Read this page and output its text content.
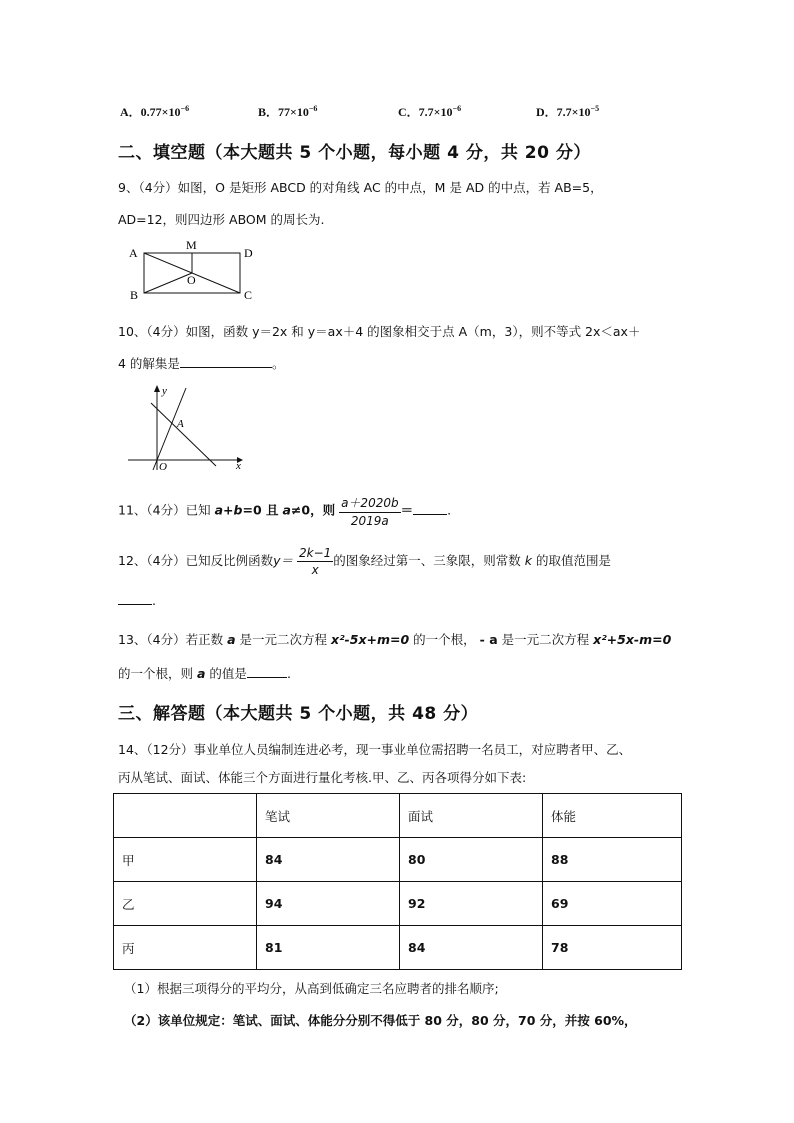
A．$0.77\times 10^{-6}$	B．$77\times 10^{-6}$	C．$7.7\times 10^{-6}$	D．$7.7\times 10^{-5}$
二、填空题（本大题共 5 个小题，每小题 4 分，共 20 分）
9、（4分）如图，O 是矩形 ABCD 的对角线 AC 的中点，M 是 AD 的中点，若 AB=5，
AD=12，则四边形 ABOM 的周长为.
A
M
D
O
B	C
10、（4分）如图，函数 y＝2x 和 y＝ax＋4 的图象相交于点 A（m，3），则不等式 2x＜ax＋
4 的解集是	。
y
x
O
A
11、（4分）已知 a+b=0 且 a≠0，则 $\frac{a+2020b}{2019a}$ ＝	.
12、（4分）已知反比例函数$y= \frac{2k-1}{x}$ 的图象经过第一、三象限，则常数 k 的取值范围是
.
13、（4分）若正数 a 是一元二次方程 x²-5x+m=0 的一个根， - a 是一元二次方程 x²+5x-m=0
的一个根，则 a 的值是	.
三、解答题（本大题共 5 个小题，共 48 分）
14、（12分）事业单位人员编制连进必考，现一事业单位需招聘一名员工，对应聘者甲、乙、
丙从笔试、面试、体能三个方面进行量化考核.甲、乙、丙各项得分如下表:
	笔试	面试	体能
甲	84	80	88
乙	94	92	69
丙	81	84	78
（1）根据三项得分的平均分，从高到低确定三名应聘者的排名顺序;
（2）该单位规定：笔试、面试、体能分分别不得低于 80 分，80 分，70 分，并按 60%，
